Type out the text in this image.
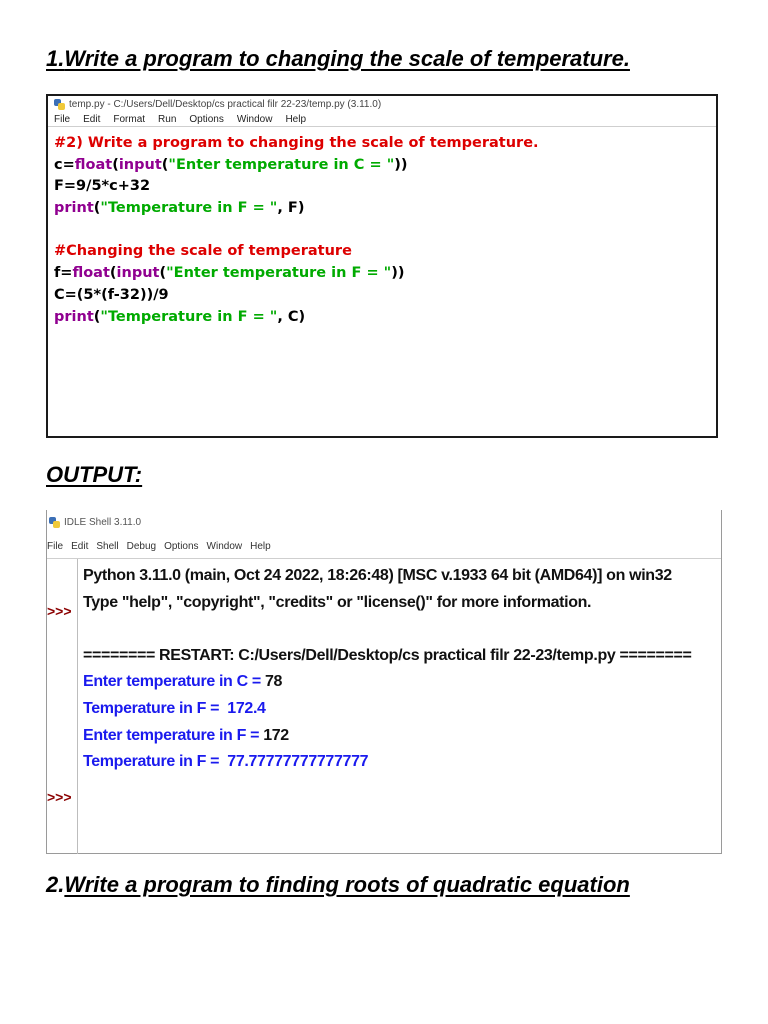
1.Write a program to changing the scale of temperature.
temp.py - C:/Users/Dell/Desktop/cs practical filr 22-23/temp.py (3.11.0)
File Edit Format Run Options Window Help
#2) Write a program to changing the scale of temperature.
c=float(input("Enter temperature in C = "))
F=9/5*c+32
print("Temperature in F = ", F)
#Changing the scale of temperature
f=float(input("Enter temperature in F = "))
C=(5*(f-32))/9
print("Temperature in F = ", C)
OUTPUT:
IDLE Shell 3.11.0
File Edit Shell Debug Options Window Help
>>>
>>>
Python 3.11.0 (main, Oct 24 2022, 18:26:48) [MSC v.1933 64 bit (AMD64)] on win32
Type "help", "copyright", "credits" or "license()" for more information.
======== RESTART: C:/Users/Dell/Desktop/cs practical filr 22-23/temp.py ========
Enter temperature in C = 78
Temperature in F =  172.4
Enter temperature in F = 172
Temperature in F =  77.77777777777777
2.Write a program to finding roots of quadratic equation
